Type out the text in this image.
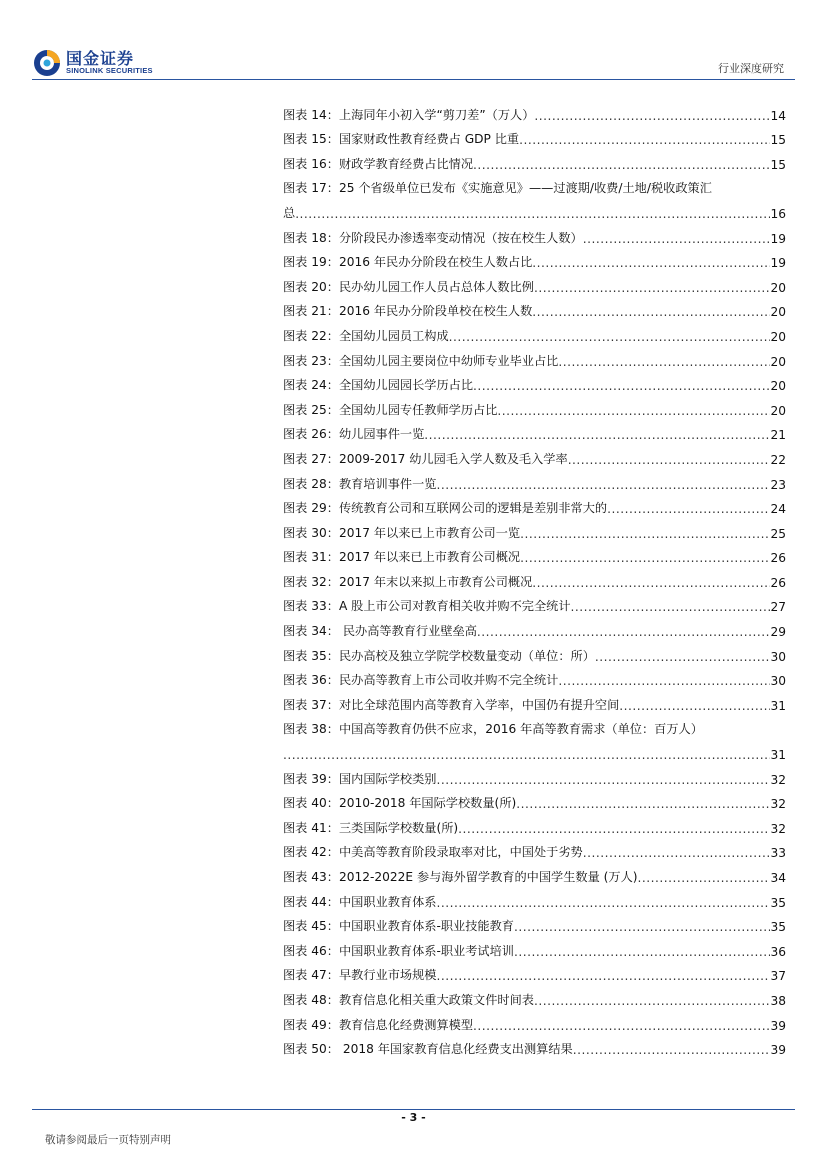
国金证券
SINOLINK SECURITIES	行业深度研究
图表 14：上海同年小初入学“剪刀差”（万人） .....	14
图表 15：国家财政性教育经费占 GDP 比重 .....	15
图表 16：财政学教育经费占比情况 .....	15
图表 17：25 个省级单位已发布《实施意见》——过渡期/收费/土地/税收政策汇
总 .....	16
图表 18：分阶段民办渗透率变动情况（按在校生人数） .....	19
图表 19：2016 年民办分阶段在校生人数占比 .....	19
图表 20：民办幼儿园工作人员占总体人数比例 .....	20
图表 21：2016 年民办分阶段单校在校生人数 .....	20
图表 22：全国幼儿园员工构成 .....	20
图表 23：全国幼儿园主要岗位中幼师专业毕业占比 .....	20
图表 24：全国幼儿园园长学历占比 .....	20
图表 25：全国幼儿园专任教师学历占比 .....	20
图表 26：幼儿园事件一览 .....	21
图表 27：2009-2017 幼儿园毛入学人数及毛入学率 .....	22
图表 28：教育培训事件一览 .....	23
图表 29：传统教育公司和互联网公司的逻辑是差别非常大的 .....	24
图表 30：2017 年以来已上市教育公司一览 .....	25
图表 31：2017 年以来已上市教育公司概况 .....	26
图表 32：2017 年末以来拟上市教育公司概况 .....	26
图表 33：A 股上市公司对教育相关收并购不完全统计 .....	27
图表 34： 民办高等教育行业壁垒高 .....	29
图表 35：民办高校及独立学院学校数量变动（单位：所） .....	30
图表 36：民办高等教育上市公司收并购不完全统计 .....	30
图表 37：对比全球范围内高等教育入学率，中国仍有提升空间 .....	31
图表 38：中国高等教育仍供不应求，2016 年高等教育需求（单位：百万人）
.....
31
图表 39：国内国际学校类别 .....	32
图表 40：2010-2018 年国际学校数量(所) .....	32
图表 41：三类国际学校数量(所) .....	32
图表 42：中美高等教育阶段录取率对比，中国处于劣势 .....	33
图表 43：2012-2022E 参与海外留学教育的中国学生数量 (万人) .....	34
图表 44：中国职业教育体系 .....	35
图表 45：中国职业教育体系-职业技能教育 .....	35
图表 46：中国职业教育体系-职业考试培训 .....	36
图表 47：早教行业市场规模 .....	37
图表 48：教育信息化相关重大政策文件时间表 .....	38
图表 49：教育信息化经费测算模型 .....	39
图表 50： 2018 年国家教育信息化经费支出测算结果 .....	39
- 3 -
敬请参阅最后一页特别声明
